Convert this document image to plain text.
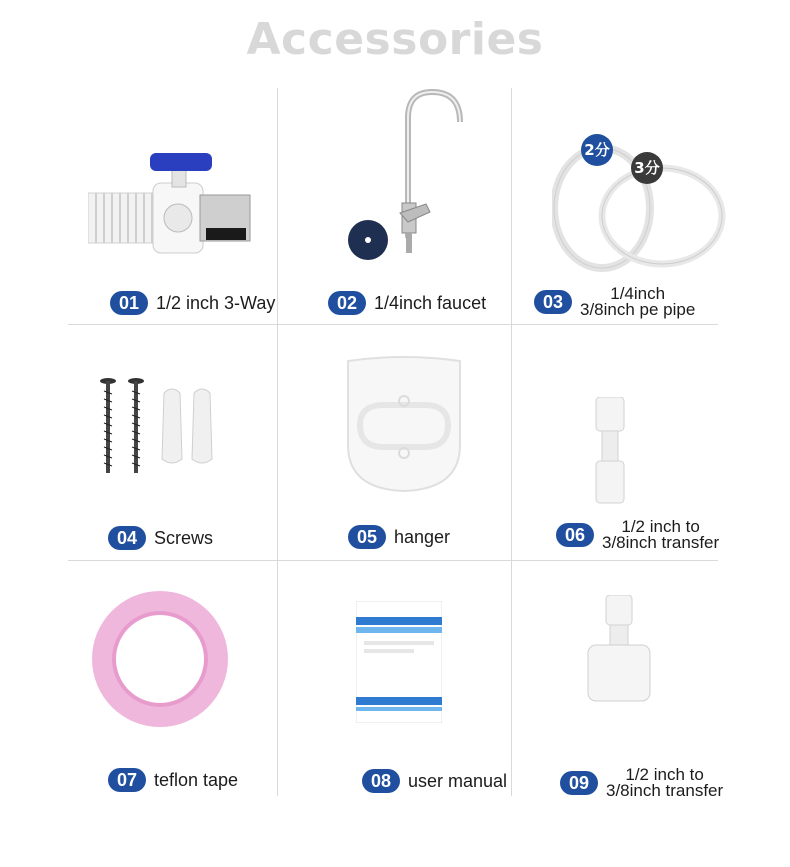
Accessories
01 1/2 inch 3-Way	02 1/4inch faucet
2分
3分
03	1/4inch
3/8inch pe pipe
04 Screws	05 hanger	06	1/2 inch to
3/8inch transfer
07 teflon tape	08 user manual	09	1/2 inch to
3/8inch transfer
